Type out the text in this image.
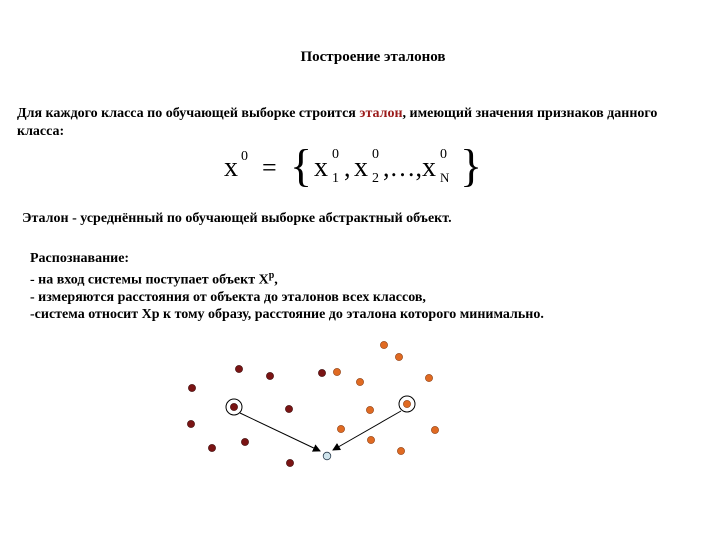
Построение эталонов

Для каждого класса по обучающей выборке строится эталон, имеющий значения признаков данного класса:

x 0 = { x 0
1 , x 0
2 ,…, x 0
N }
Эталон - усреднённый по обучающей выборке абстрактный объект.
Распознавание:
- на вход системы поступает объект $X^p$,
- измеряются расстояния от объекта до эталонов всех классов,
-система относит Xp к тому образу, расстояние до эталона которого минимально.
